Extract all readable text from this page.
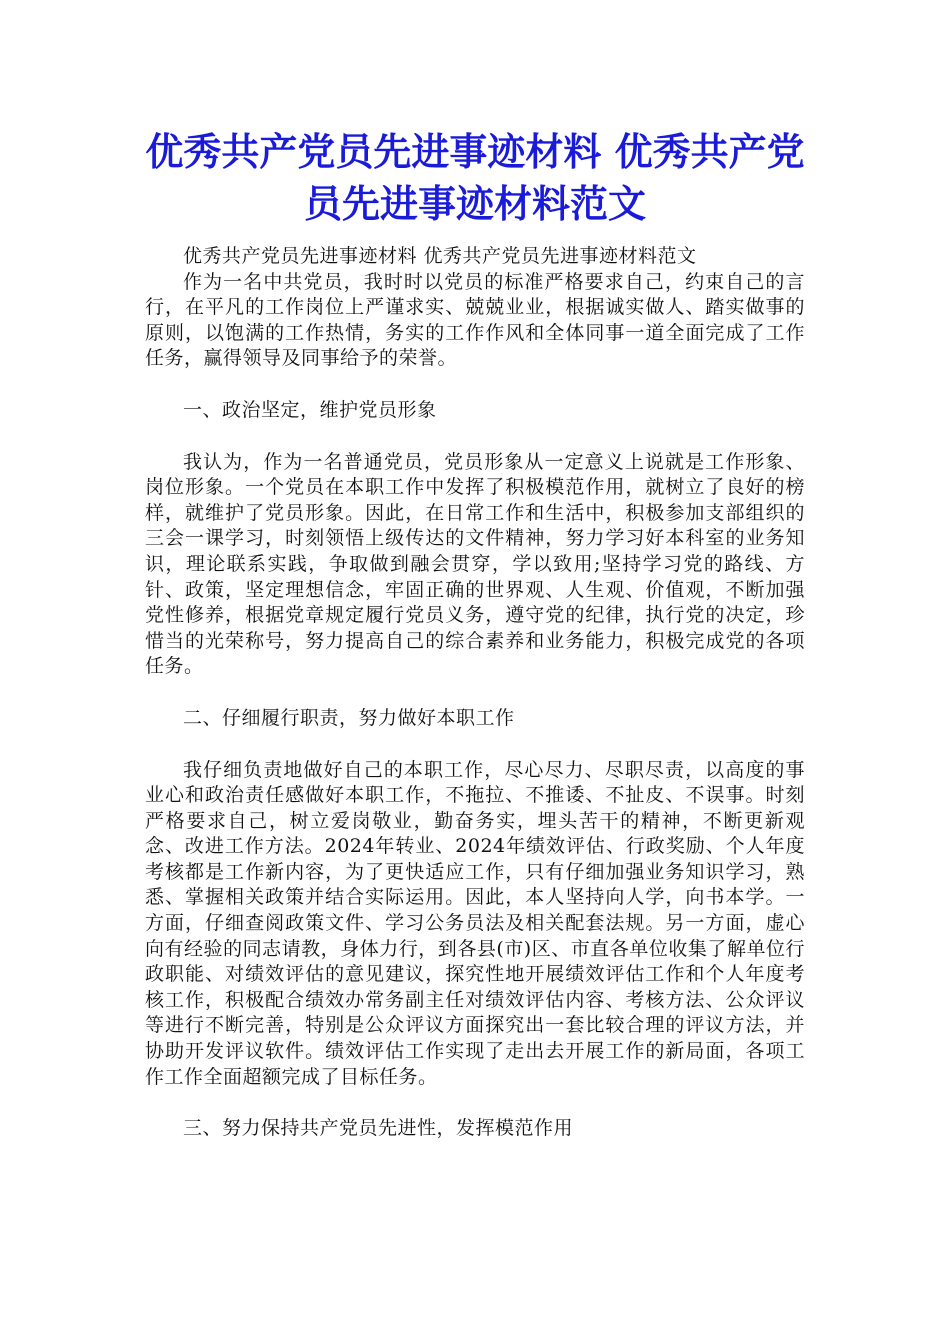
优秀共产党员先进事迹材料 优秀共产党员先进事迹材料范文

优秀共产党员先进事迹材料 优秀共产党员先进事迹材料范文

作为一名中共党员，我时时以党员的标准严格要求自己，约束自己的言行，在平凡的工作岗位上严谨求实、兢兢业业，根据诚实做人、踏实做事的原则，以饱满的工作热情，务实的工作作风和全体同事一道全面完成了工作任务，赢得领导及同事给予的荣誉。

一、政治坚定，维护党员形象

我认为，作为一名普通党员，党员形象从一定意义上说就是工作形象、岗位形象。一个党员在本职工作中发挥了积极模范作用，就树立了良好的榜样，就维护了党员形象。因此，在日常工作和生活中，积极参加支部组织的三会一课学习，时刻领悟上级传达的文件精神，努力学习好本科室的业务知识，理论联系实践，争取做到融会贯穿，学以致用;坚持学习党的路线、方针、政策，坚定理想信念，牢固正确的世界观、人生观、价值观，不断加强党性修养，根据党章规定履行党员义务，遵守党的纪律，执行党的决定，珍惜当的光荣称号，努力提高自己的综合素养和业务能力，积极完成党的各项任务。

二、仔细履行职责，努力做好本职工作

我仔细负责地做好自己的本职工作，尽心尽力、尽职尽责，以高度的事业心和政治责任感做好本职工作，不拖拉、不推诿、不扯皮、不误事。时刻严格要求自己，树立爱岗敬业，勤奋务实，埋头苦干的精神，不断更新观念、改进工作方法。2024年转业、2024年绩效评估、行政奖励、个人年度考核都是工作新内容，为了更快适应工作，只有仔细加强业务知识学习，熟悉、掌握相关政策并结合实际运用。因此，本人坚持向人学，向书本学。一方面，仔细查阅政策文件、学习公务员法及相关配套法规。另一方面，虚心向有经验的同志请教，身体力行，到各县(市)区、市直各单位收集了解单位行政职能、对绩效评估的意见建议，探究性地开展绩效评估工作和个人年度考核工作，积极配合绩效办常务副主任对绩效评估内容、考核方法、公众评议等进行不断完善，特别是公众评议方面探究出一套比较合理的评议方法，并协助开发评议软件。绩效评估工作实现了走出去开展工作的新局面，各项工作工作全面超额完成了目标任务。

三、努力保持共产党员先进性，发挥模范作用
